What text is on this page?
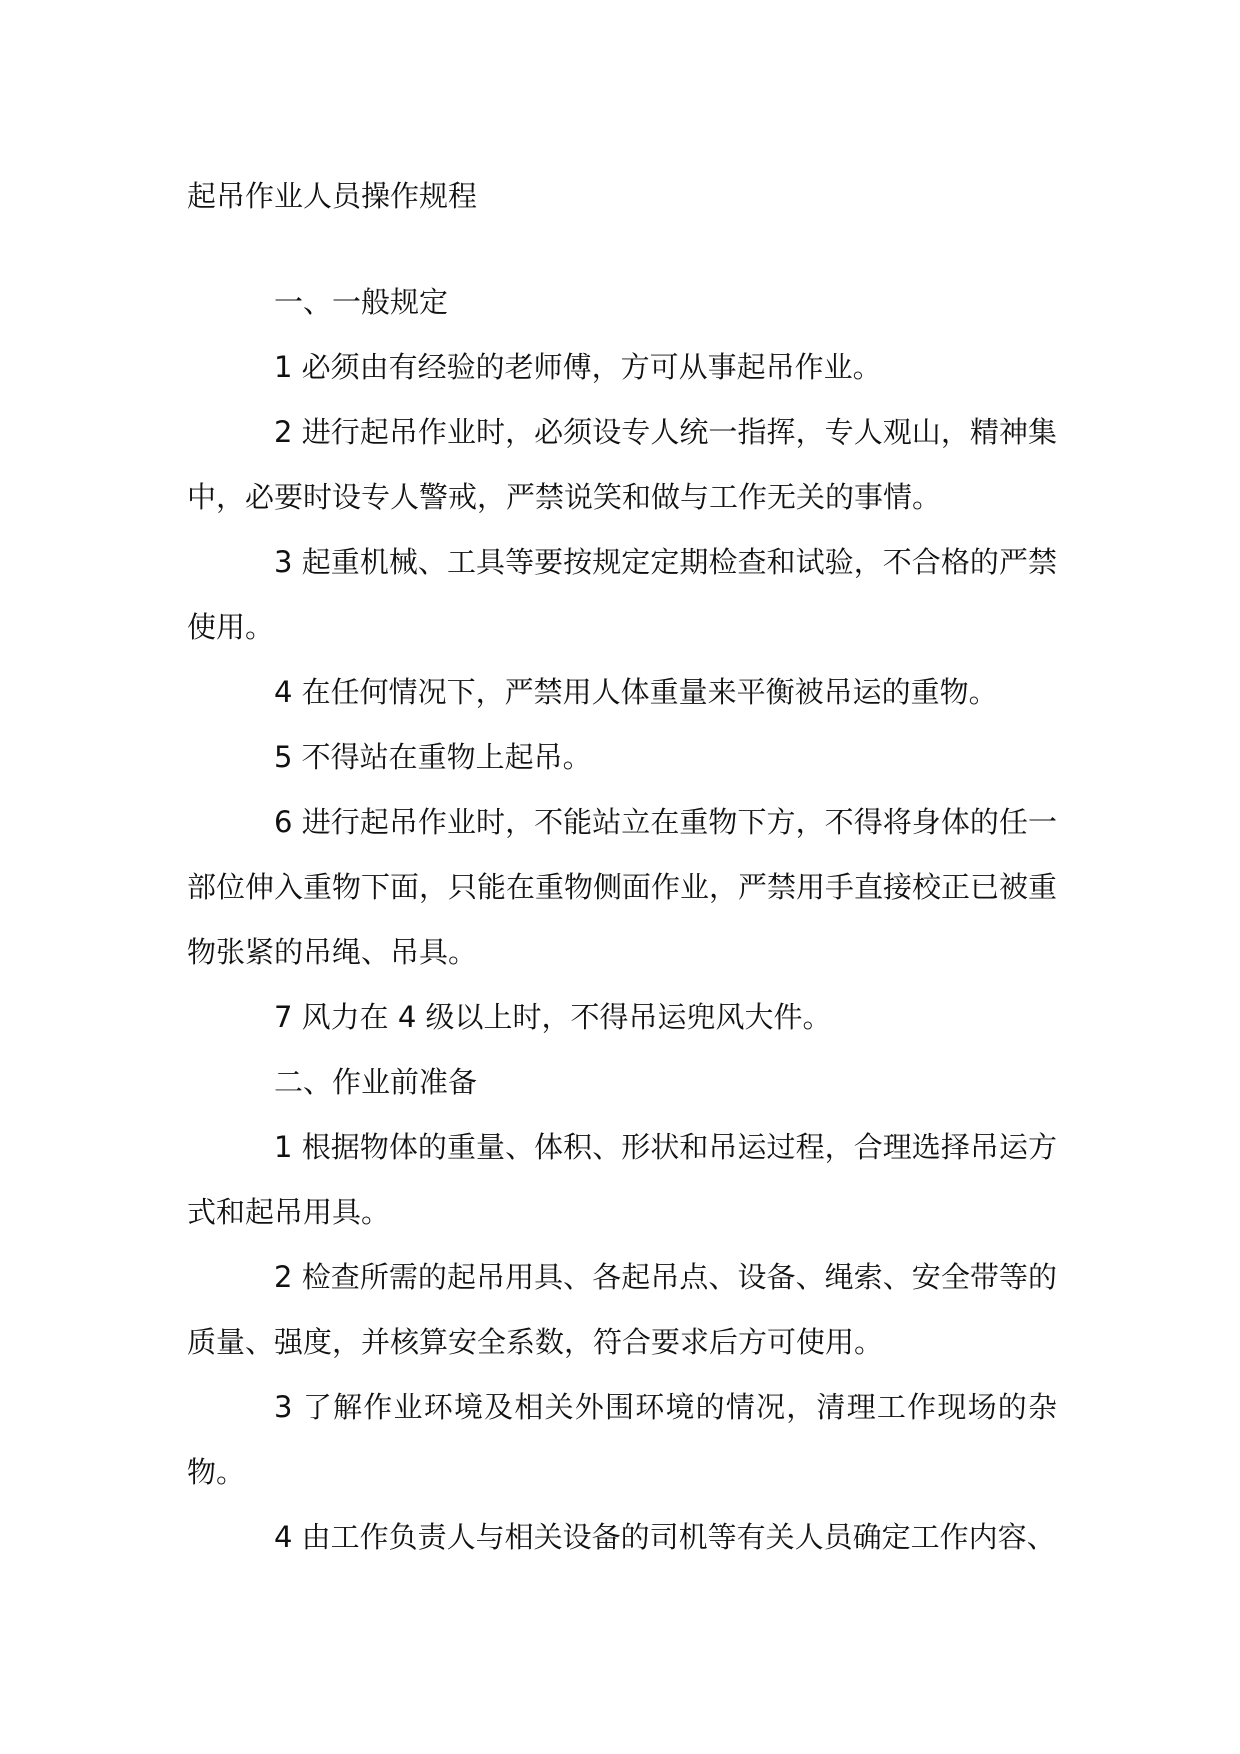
起吊作业人员操作规程

一、一般规定

1 必须由有经验的老师傅，方可从事起吊作业。

2 进行起吊作业时，必须设专人统一指挥，专人观山，精神集中，必要时设专人警戒，严禁说笑和做与工作无关的事情。

3 起重机械、工具等要按规定定期检查和试验，不合格的严禁使用。

4 在任何情况下，严禁用人体重量来平衡被吊运的重物。

5 不得站在重物上起吊。

6 进行起吊作业时，不能站立在重物下方，不得将身体的任一部位伸入重物下面，只能在重物侧面作业，严禁用手直接校正已被重物张紧的吊绳、吊具。

7 风力在 4 级以上时，不得吊运兜风大件。

二、作业前准备

1 根据物体的重量、体积、形状和吊运过程，合理选择吊运方式和起吊用具。

2 检查所需的起吊用具、各起吊点、设备、绳索、安全带等的质量、强度，并核算安全系数，符合要求后方可使用。

3 了解作业环境及相关外围环境的情况，清理工作现场的杂物。

4 由工作负责人与相关设备的司机等有关人员确定工作内容、
